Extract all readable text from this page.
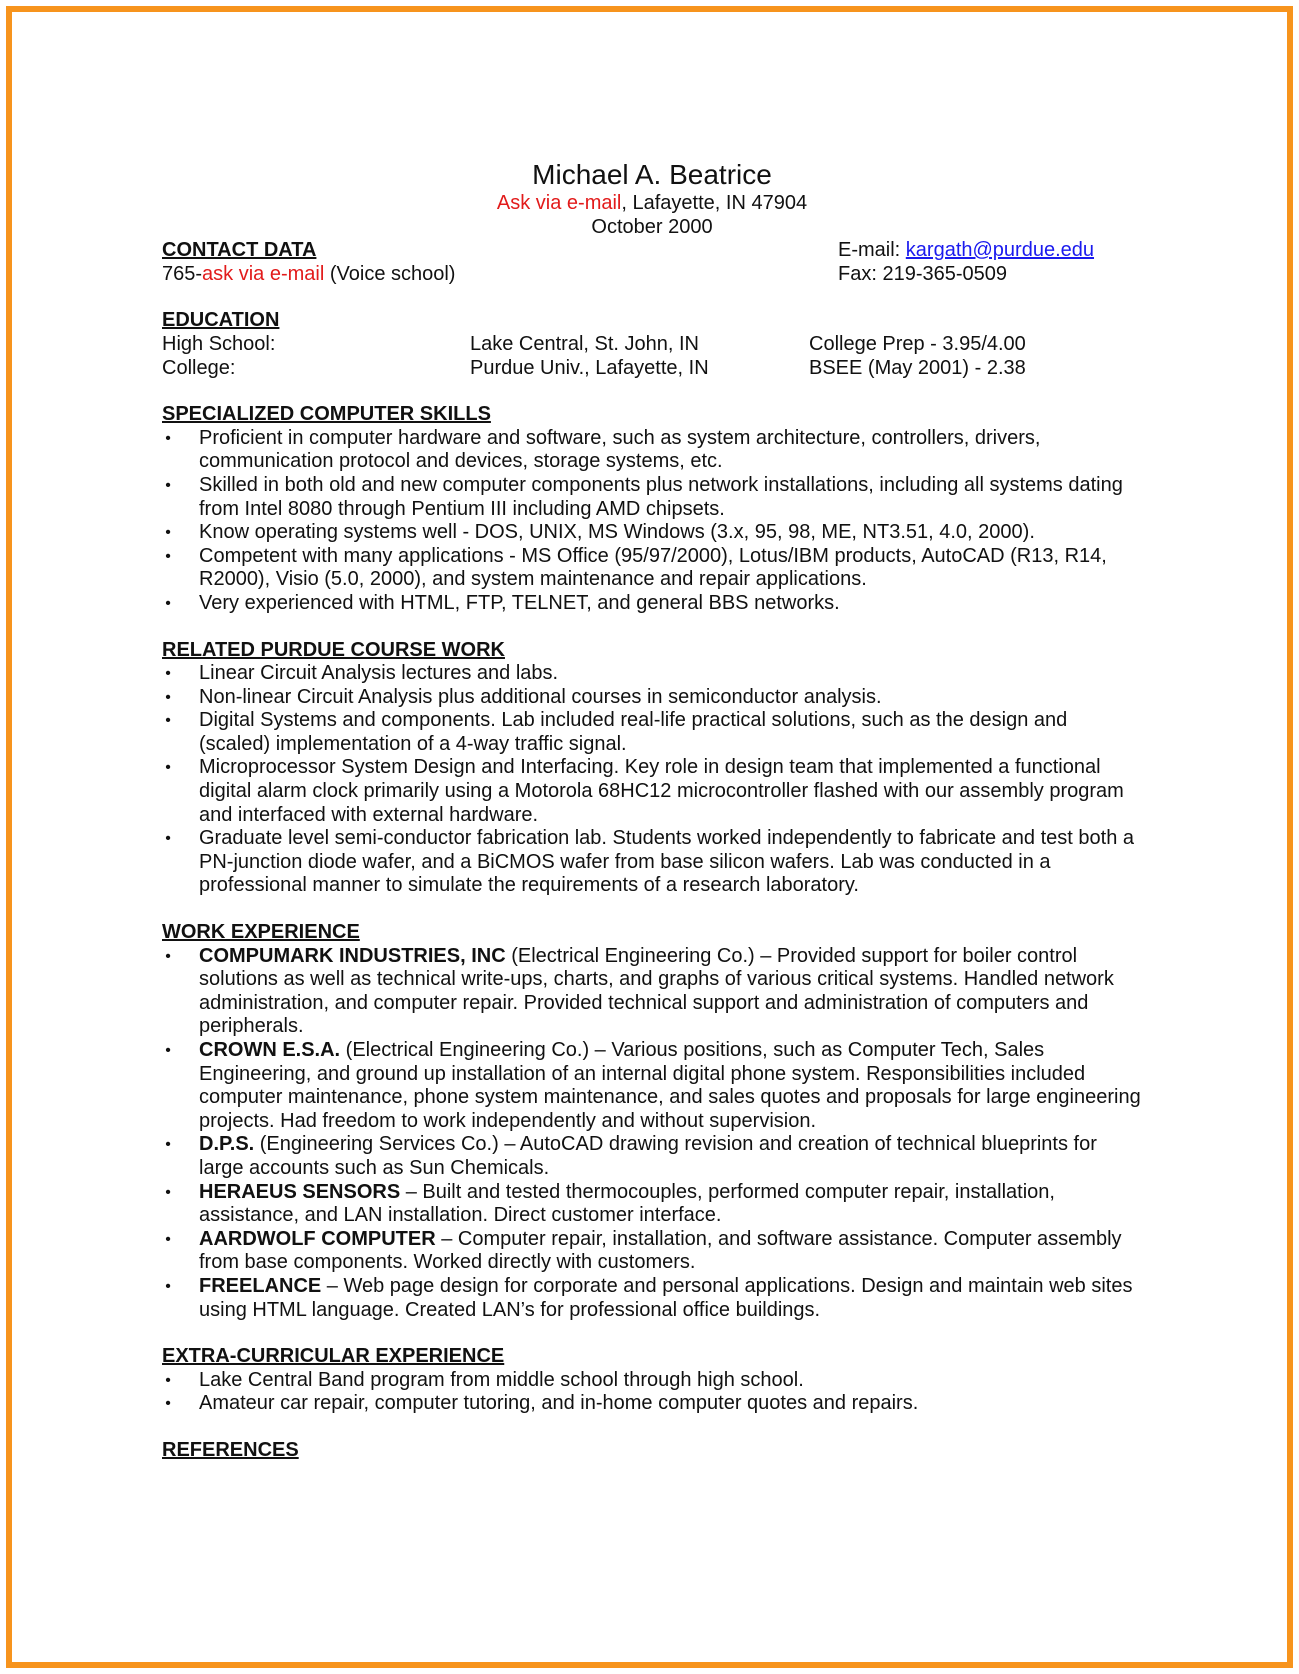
Michael A. Beatrice
Ask via e-mail, Lafayette, IN 47904
October 2000
CONTACT DATA
765-ask via e-mail (Voice school)
E-mail: kargath@purdue.edu
Fax: 219-365-0509
EDUCATION
High School:	Lake Central, St. John, IN	College Prep - 3.95/4.00
College:	Purdue Univ., Lafayette, IN	BSEE (May 2001) - 2.38
SPECIALIZED COMPUTER SKILLS
• Proficient in computer hardware and software, such as system architecture, controllers, drivers, communication protocol and devices, storage systems, etc.
• Skilled in both old and new computer components plus network installations, including all systems dating from Intel 8080 through Pentium III including AMD chipsets.
• Know operating systems well - DOS, UNIX, MS Windows (3.x, 95, 98, ME, NT3.51, 4.0, 2000).
• Competent with many applications - MS Office (95/97/2000), Lotus/IBM products, AutoCAD (R13, R14, R2000), Visio (5.0, 2000), and system maintenance and repair applications.
• Very experienced with HTML, FTP, TELNET, and general BBS networks.
RELATED PURDUE COURSE WORK
• Linear Circuit Analysis lectures and labs.
• Non-linear Circuit Analysis plus additional courses in semiconductor analysis.
• Digital Systems and components. Lab included real-life practical solutions, such as the design and (scaled) implementation of a 4-way traffic signal.
• Microprocessor System Design and Interfacing. Key role in design team that implemented a functional digital alarm clock primarily using a Motorola 68HC12 microcontroller flashed with our assembly program and interfaced with external hardware.
• Graduate level semi-conductor fabrication lab. Students worked independently to fabricate and test both a PN-junction diode wafer, and a BiCMOS wafer from base silicon wafers. Lab was conducted in a professional manner to simulate the requirements of a research laboratory.
WORK EXPERIENCE
• COMPUMARK INDUSTRIES, INC (Electrical Engineering Co.) – Provided support for boiler control solutions as well as technical write-ups, charts, and graphs of various critical systems. Handled network administration, and computer repair. Provided technical support and administration of computers and peripherals.
• CROWN E.S.A. (Electrical Engineering Co.) – Various positions, such as Computer Tech, Sales Engineering, and ground up installation of an internal digital phone system. Responsibilities included computer maintenance, phone system maintenance, and sales quotes and proposals for large engineering projects. Had freedom to work independently and without supervision.
• D.P.S. (Engineering Services Co.) – AutoCAD drawing revision and creation of technical blueprints for large accounts such as Sun Chemicals.
• HERAEUS SENSORS – Built and tested thermocouples, performed computer repair, installation, assistance, and LAN installation. Direct customer interface.
• AARDWOLF COMPUTER – Computer repair, installation, and software assistance. Computer assembly from base components. Worked directly with customers.
• FREELANCE – Web page design for corporate and personal applications. Design and maintain web sites using HTML language. Created LAN’s for professional office buildings.
EXTRA-CURRICULAR EXPERIENCE
• Lake Central Band program from middle school through high school.
• Amateur car repair, computer tutoring, and in-home computer quotes and repairs.
REFERENCES
